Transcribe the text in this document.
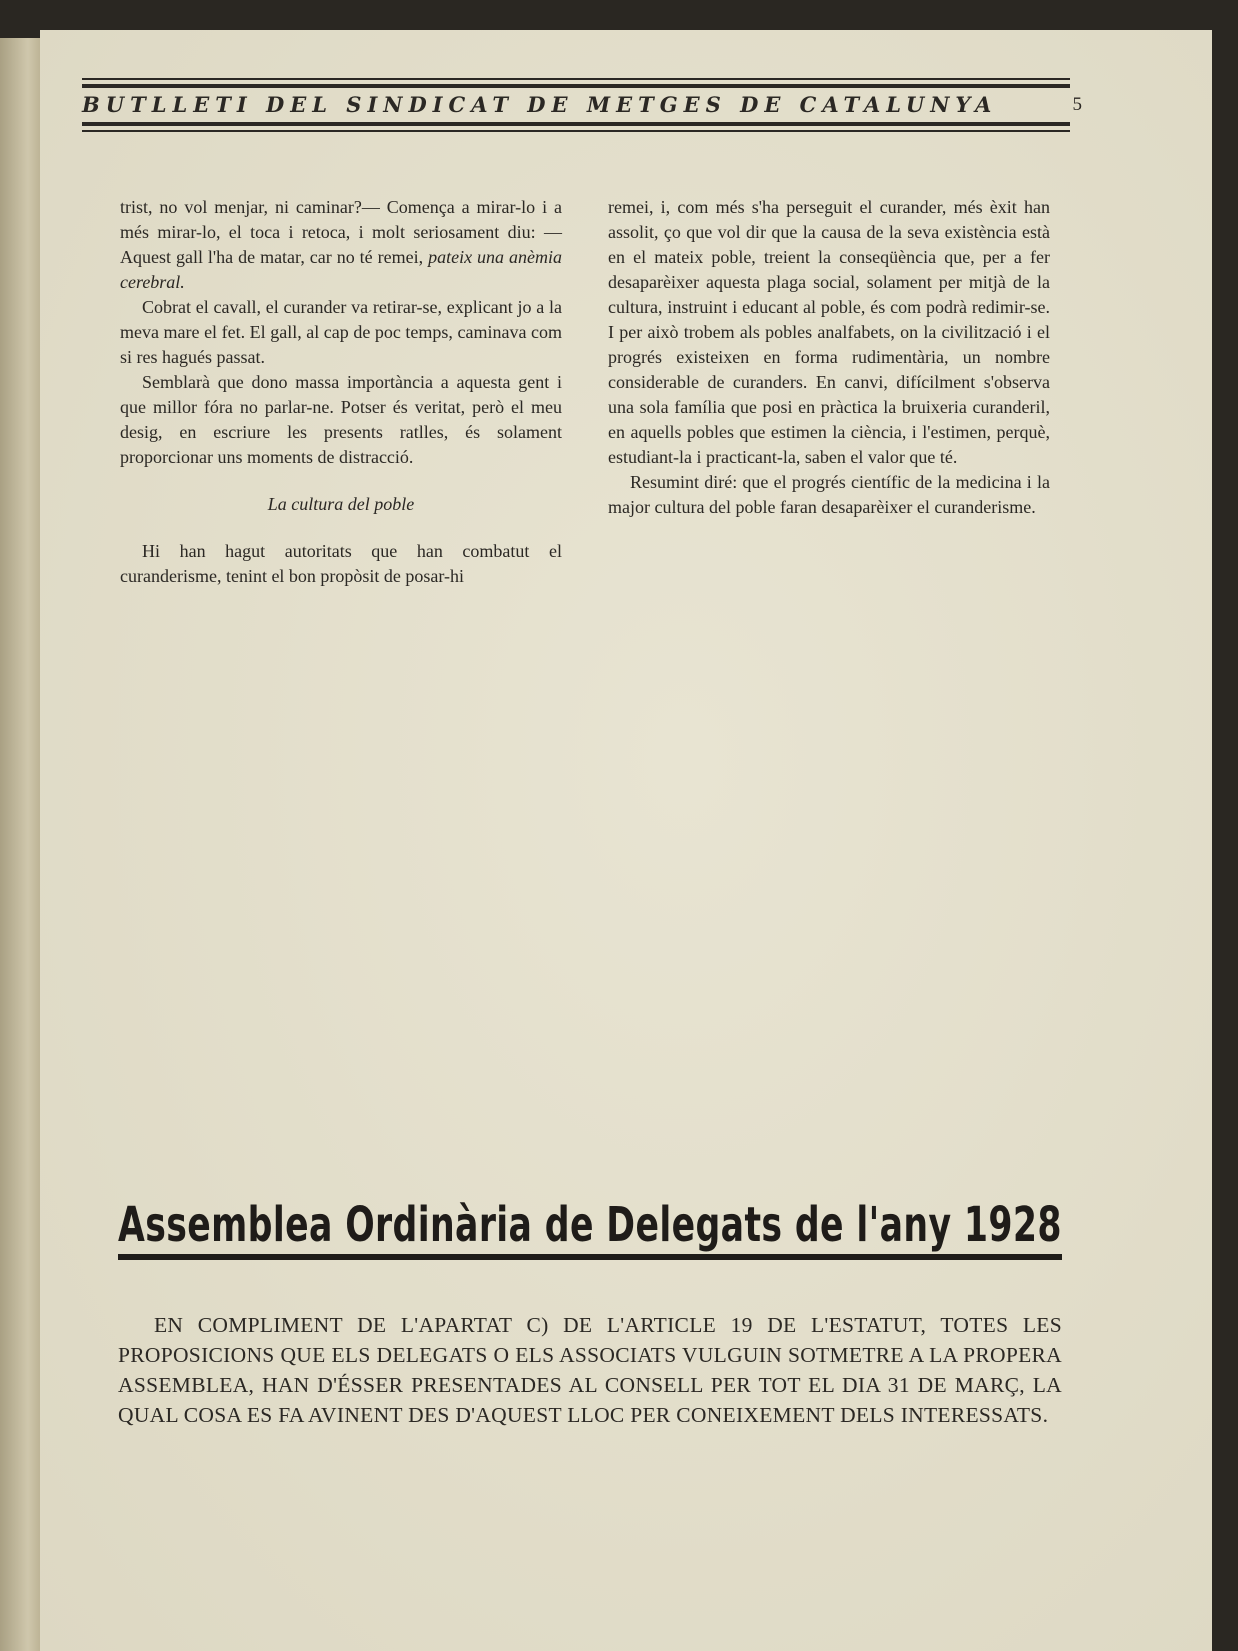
BUTLLETI DEL SINDICAT DE METGES DE CATALUNYA	5

trist, no vol menjar, ni caminar?— Comença a mirar-lo i a més mirar-lo, el toca i retoca, i molt seriosament diu: —Aquest gall l'ha de matar, car no té remei, pateix una anèmia cerebral.

Cobrat el cavall, el curander va retirar-se, explicant jo a la meva mare el fet. El gall, al cap de poc temps, caminava com si res hagués passat.

Semblarà que dono massa importància a aquesta gent i que millor fóra no parlar-ne. Potser és veritat, però el meu desig, en escriure les presents ratlles, és solament proporcionar uns moments de distracció.

La cultura del poble

Hi han hagut autoritats que han combatut el curanderisme, tenint el bon propòsit de posar-hi

remei, i, com més s'ha perseguit el curander, més èxit han assolit, ço que vol dir que la causa de la seva existència està en el mateix poble, treient la conseqüència que, per a fer desaparèixer aquesta plaga social, solament per mitjà de la cultura, instruint i educant al poble, és com podrà redimir-se. I per això trobem als pobles analfabets, on la civilització i el progrés existeixen en forma rudimentària, un nombre considerable de curanders. En canvi, difícilment s'observa una sola família que posi en pràctica la bruixeria curanderil, en aquells pobles que estimen la ciència, i l'estimen, perquè, estudiant-la i practicant-la, saben el valor que té.

Resumint diré: que el progrés científic de la medicina i la major cultura del poble faran desaparèixer el curanderisme.

Assemblea Ordinària de Delegats de l'any 1928
EN COMPLIMENT DE L'APARTAT C) DE L'ARTICLE 19 DE L'ESTATUT, TOTES LES PROPOSICIONS QUE ELS DELEGATS O ELS ASSOCIATS VULGUIN SOTMETRE A LA PROPERA ASSEMBLEA, HAN D'ÉSSER PRESENTADES AL CONSELL PER TOT EL DIA 31 DE MARÇ, LA QUAL COSA ES FA AVINENT DES D'AQUEST LLOC PER CONEIXEMENT DELS INTERESSATS.
